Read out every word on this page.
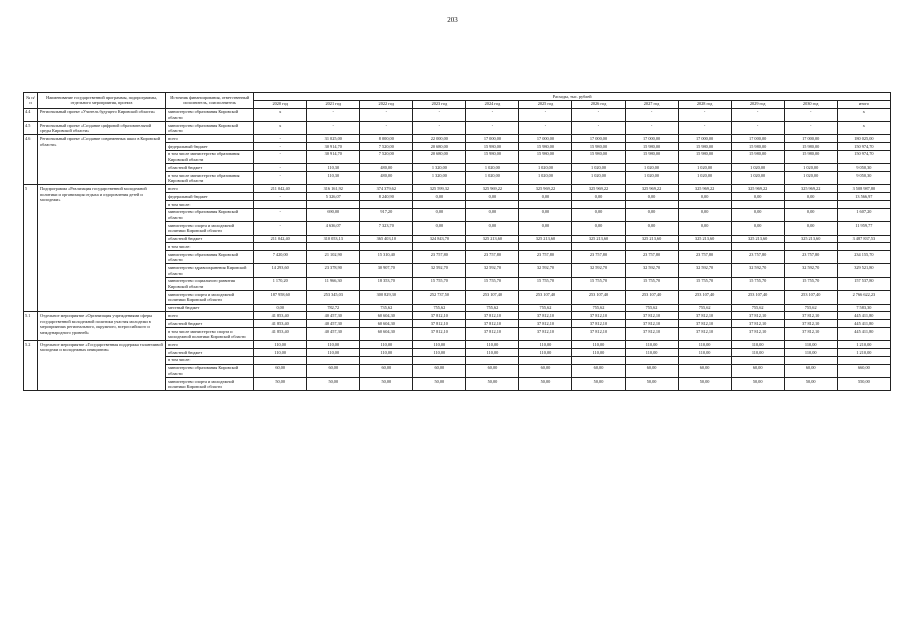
203
№ п/п	Наименование государственной программы, подпрограммы, отдельного мероприятия, проекта	Источник финансирования, ответственный исполнитель, соисполнитель	Расходы, тыс. рублей											
			2020 год	2021 год	2022 год	2023 год	2024 год	2025 год	2026 год	2027 год	2028 год	2029 год	2030 год	итого
4.4	Региональный проект «Учитель будущего Кировской области»	министерство образования Кировской области	х	-	-	-	-	-	-	-	-	-	-	х
4.5	Региональный проект «Создание цифровой образовательной среды Кировской области»	министерство образования Кировской области	х	-	-	-	-	-	-	-	-	-	-	х
4.6	Региональный проект «Создание современных школ в Кировской области»	всего	-	31 025,00	8 000,00	22 000,00	17 000,00	17 000,00	17 000,00	17 000,00	17 000,00	17 000,00	17 000,00	180 025,00
		федеральный бюджет	-	30 914,70	7 520,00	20 680,00	15 980,00	15 980,00	15 980,00	15 980,00	15 980,00	15 980,00	15 980,00	150 974,70
		в том числе министерство образования Кировской области	-	30 914,70	7 520,00	20 680,00	15 980,00	15 980,00	15 980,00	15 980,00	15 980,00	15 980,00	15 980,00	150 974,70
		областной бюджет	-	110,30	480,00	1 320,00	1 020,00	1 020,00	1 020,00	1 020,00	1 020,00	1 020,00	1 020,00	9 050,30
		в том числе министерство образования Кировской области	-	110,30	480,00	1 320,00	1 020,00	1 020,00	1 020,00	1 020,00	1 020,00	1 020,00	1 020,00	9 050,30
5	Подпрограмма «Реализация государственной молодежной политики и организация отдыха и оздоровления детей и молодежи»	всего	211 042,40	316 161,92	374 379,62	325 599,32	325 969,22	325 969,22	325 969,22	325 969,22	325 969,22	325 969,22	325 969,22	3 508 987,80
		федеральный бюджет	-	5 326,07	8 240,90	0,00	0,00	0,00	0,00	0,00	0,00	0,00	0,00	13 566,97
		в том числе:												
		министерство образования Кировской области	-	690,00	917,20	0,00	0,00	0,00	0,00	0,00	0,00	0,00	0,00	1 607,20
		министерство спорта и молодежной политики Кировской области	-	4 636,07	7 323,70	0,00	0,00	0,00	0,00	0,00	0,00	0,00	0,00	11 959,77
		областной бюджет	211 042,40	310 053,13	365 403,10	324 843,70	325 213,60	325 213,60	325 213,60	325 213,60	325 213,60	325 213,60	325 213,60	3 487 837,53
		в том числе:												
		министерство образования Кировской области	7 420,00	21 102,90	15 310,40	23 757,80	23 757,80	23 757,80	23 757,80	23 757,80	23 757,80	23 757,80	23 757,80	234 155,70
		министерство здравоохранения Кировской области	14 293,60	23 378,90	30 907,70	32 592,70	32 592,70	32 592,70	32 592,70	32 592,70	32 592,70	32 592,70	32 592,70	329 521,80
		министерство социального развития Кировской области	1 170,20	11 966,30	18 353,70	15 755,70	15 755,70	15 755,70	15 755,70	15 755,70	15 755,70	15 755,70	15 755,70	157 537,80
		министерство спорта и молодежной политики Кировской области	187 958,60	253 345,03	300 829,30	252 737,50	253 107,40	253 107,40	253 107,40	253 107,40	253 107,40	253 107,40	253 107,40	2 766 622,23
		местный бюджет	0,00	782,72	735,62	755,62	755,62	755,62	755,62	755,62	755,62	755,62	755,62	7 583,30
5.1	Отдельное мероприятие «Организация учреждениями сферы государственной молодежной политики участия молодежи в мероприятиях регионального, окружного, всероссийского и международного уровней»	всего	41 853,40	40 457,30	60 604,30	37 812,10	37 812,10	37 812,10	37 812,10	37 812,10	37 812,10	37 812,10	37 812,10	445 411,80
		областной бюджет	41 853,40	40 457,30	60 604,30	37 812,10	37 812,10	37 812,10	37 812,10	37 812,10	37 812,10	37 812,10	37 812,10	445 411,80
		в том числе министерство спорта и молодежной политики Кировской области	41 853,40	40 457,30	60 604,30	37 812,10	37 812,10	37 812,10	37 812,10	37 812,10	37 812,10	37 812,10	37 812,10	445 411,80
5.2	Отдельное мероприятие «Государственная поддержка талантливой молодежи и молодежных инициатив»	всего	110,00	110,00	110,00	110,00	110,00	110,00	110,00	110,00	110,00	110,00	110,00	1 210,00
		областной бюджет	110,00	110,00	110,00	110,00	110,00	110,00	110,00	110,00	110,00	110,00	110,00	1 210,00
		в том числе:												
		министерство образования Кировской области	60,00	60,00	60,00	60,00	60,00	60,00	60,00	60,00	60,00	60,00	60,00	660,00
		министерство спорта и молодежной политики Кировской области	50,00	50,00	50,00	50,00	50,00	50,00	50,00	50,00	50,00	50,00	50,00	550,00
